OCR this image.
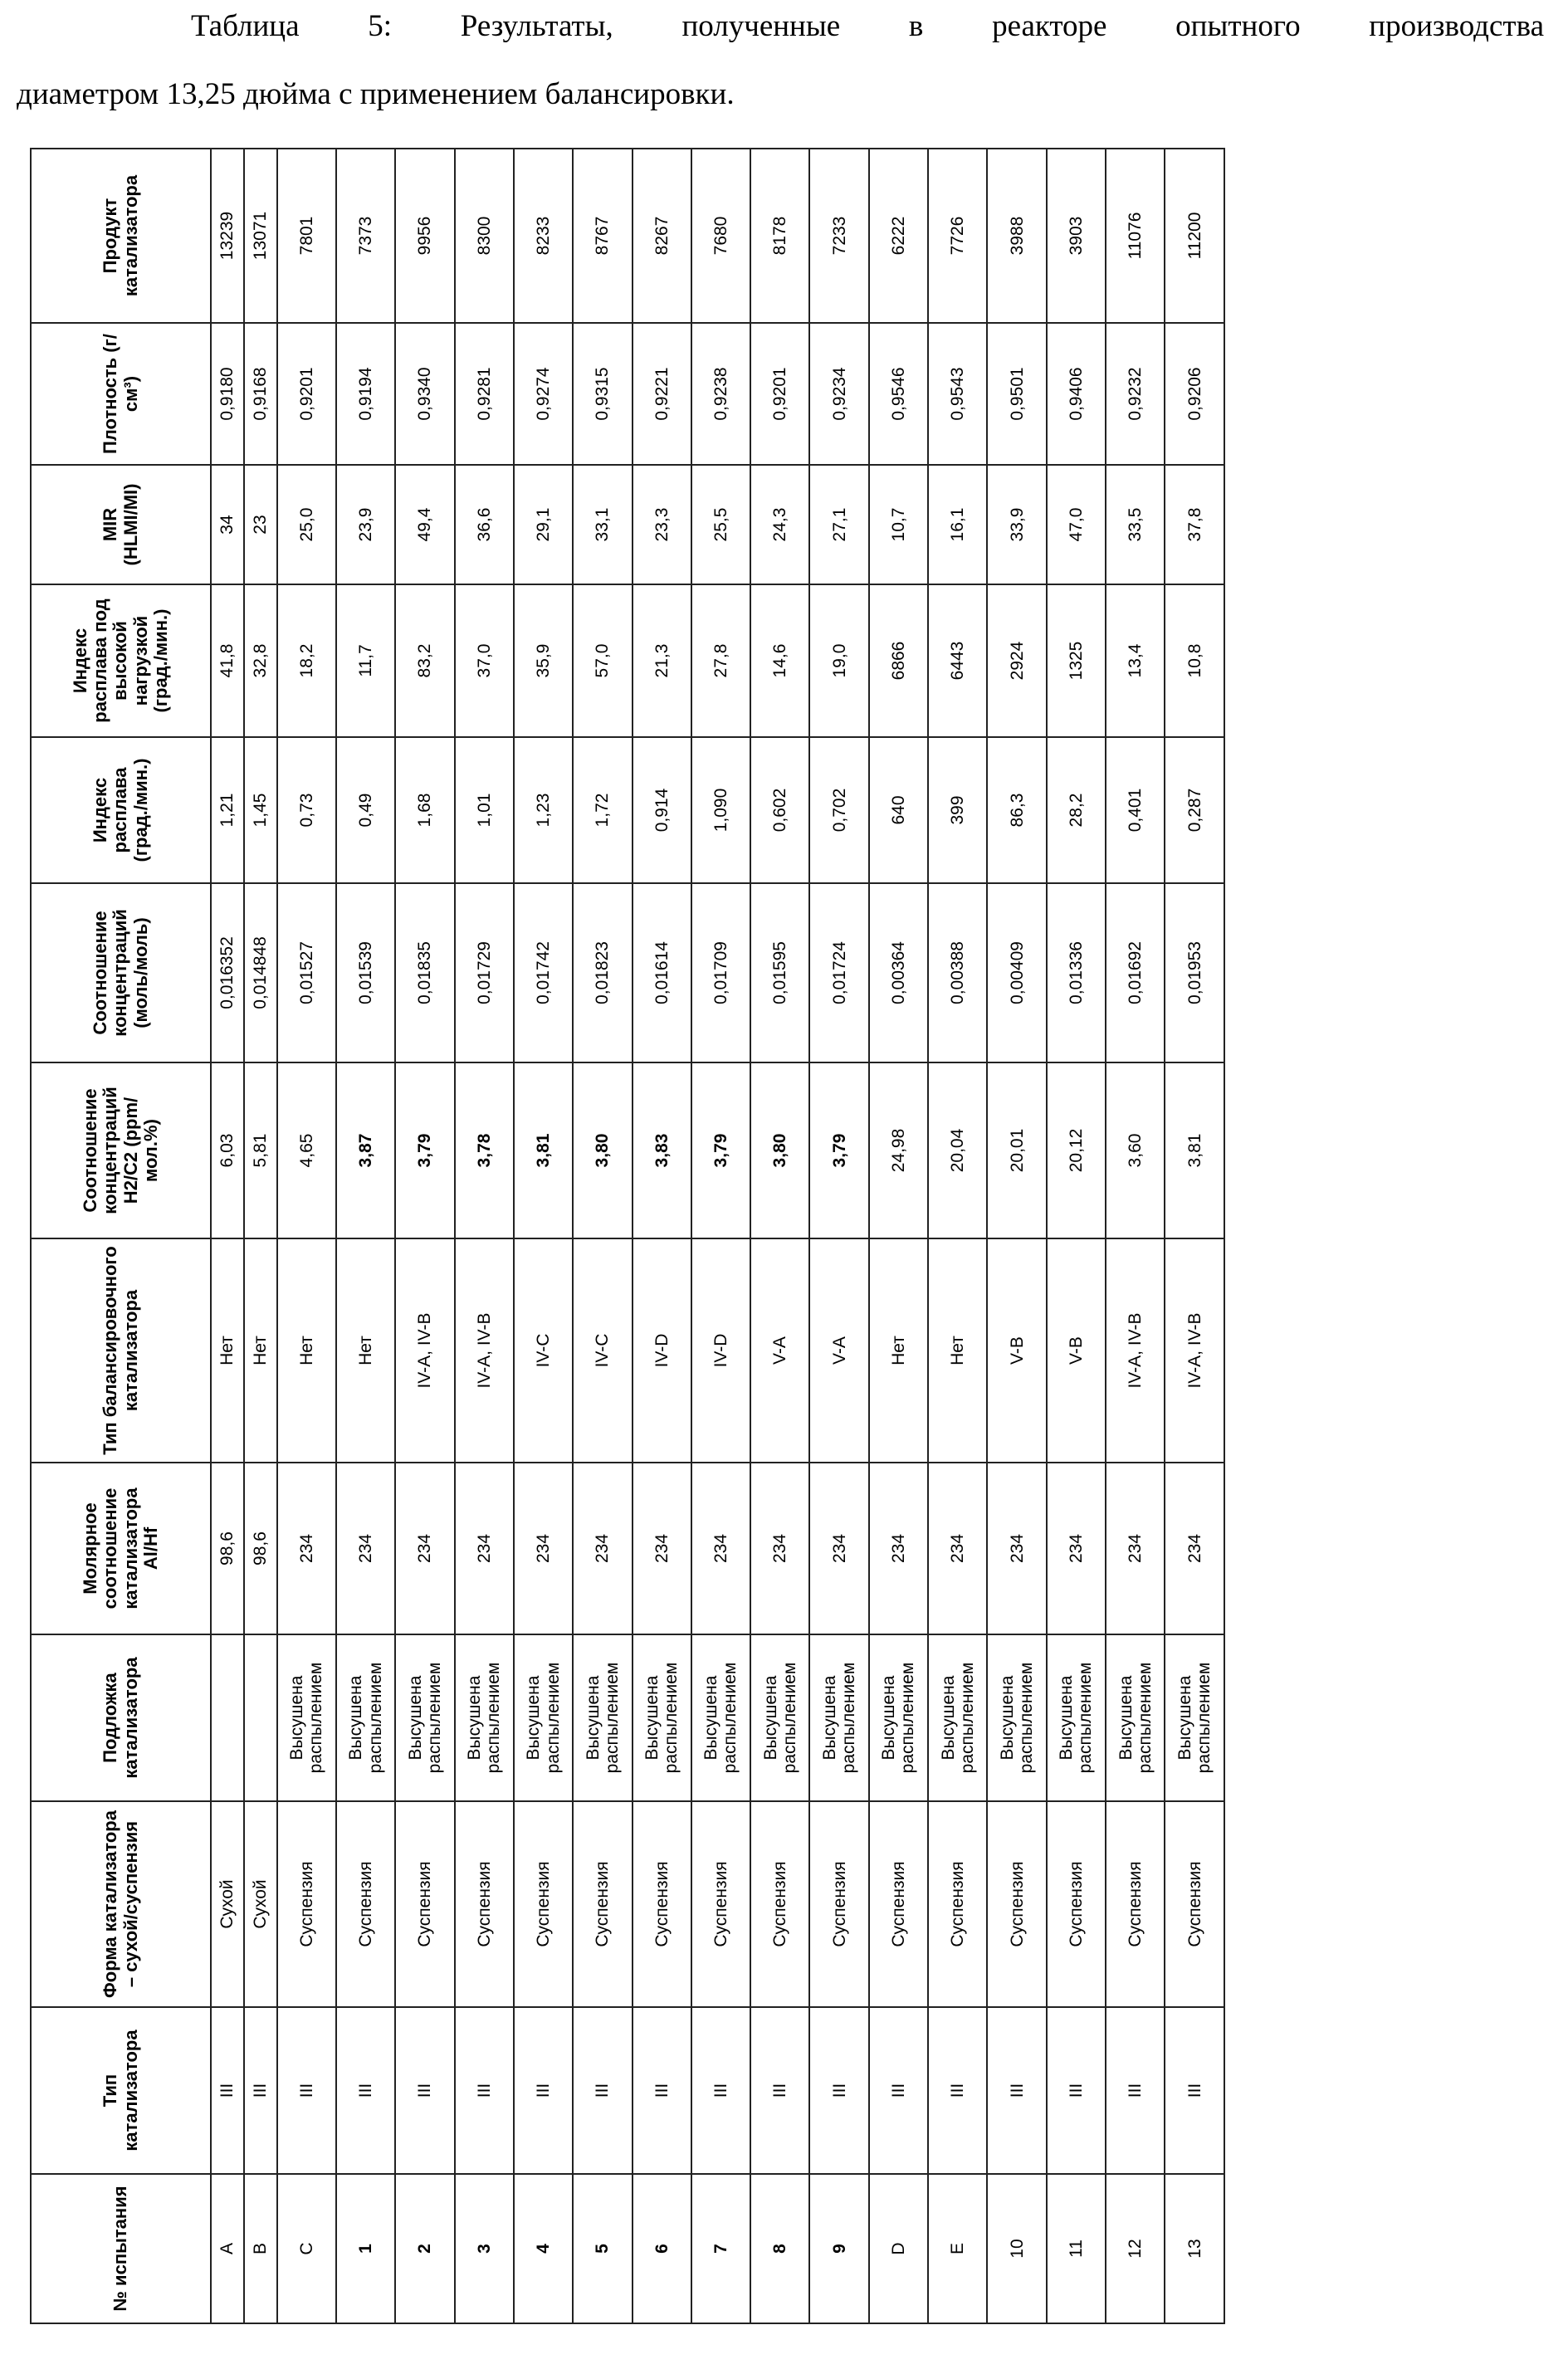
Таблица 5: Результаты, полученные в реакторе опытного производства
диаметром 13,25 дюйма с применением балансировки.
№ испытания	Тип катализатора	Форма катализатора – сухой/суспензия	Подложка катализатора	Молярное соотношение катализатора Al/Hf	Тип балансировочного катализатора	Соотношение концентраций H2/C2 (ppm/мол.%)	Соотношение концентраций (моль/моль)	Индекс расплава (град./мин.)	Индекс расплава под высокой нагрузкой (град./мин.)	MIR (HLMI/MI)	Плотность (г/см³)	Продукт катализатора
A	III	Сухой		98,6	Нет	6,03	0,016352	1,21	41,8	34	0,9180	13239
B	III	Сухой		98,6	Нет	5,81	0,014848	1,45	32,8	23	0,9168	13071
C	III	Суспензия	Высушена распылением	234	Нет	4,65	0,01527	0,73	18,2	25,0	0,9201	7801
1	III	Суспензия	Высушена распылением	234	Нет	3,87	0,01539	0,49	11,7	23,9	0,9194	7373
2	III	Суспензия	Высушена распылением	234	IV-A, IV-B	3,79	0,01835	1,68	83,2	49,4	0,9340	9956
3	III	Суспензия	Высушена распылением	234	IV-A, IV-B	3,78	0,01729	1,01	37,0	36,6	0,9281	8300
4	III	Суспензия	Высушена распылением	234	IV-C	3,81	0,01742	1,23	35,9	29,1	0,9274	8233
5	III	Суспензия	Высушена распылением	234	IV-C	3,80	0,01823	1,72	57,0	33,1	0,9315	8767
6	III	Суспензия	Высушена распылением	234	IV-D	3,83	0,01614	0,914	21,3	23,3	0,9221	8267
7	III	Суспензия	Высушена распылением	234	IV-D	3,79	0,01709	1,090	27,8	25,5	0,9238	7680
8	III	Суспензия	Высушена распылением	234	V-A	3,80	0,01595	0,602	14,6	24,3	0,9201	8178
9	III	Суспензия	Высушена распылением	234	V-A	3,79	0,01724	0,702	19,0	27,1	0,9234	7233
D	III	Суспензия	Высушена распылением	234	Нет	24,98	0,00364	640	6866	10,7	0,9546	6222
E	III	Суспензия	Высушена распылением	234	Нет	20,04	0,00388	399	6443	16,1	0,9543	7726
10	III	Суспензия	Высушена распылением	234	V-B	20,01	0,00409	86,3	2924	33,9	0,9501	3988
11	III	Суспензия	Высушена распылением	234	V-B	20,12	0,01336	28,2	1325	47,0	0,9406	3903
12	III	Суспензия	Высушена распылением	234	IV-A, IV-B	3,60	0,01692	0,401	13,4	33,5	0,9232	11076
13	III	Суспензия	Высушена распылением	234	IV-A, IV-B	3,81	0,01953	0,287	10,8	37,8	0,9206	11200
